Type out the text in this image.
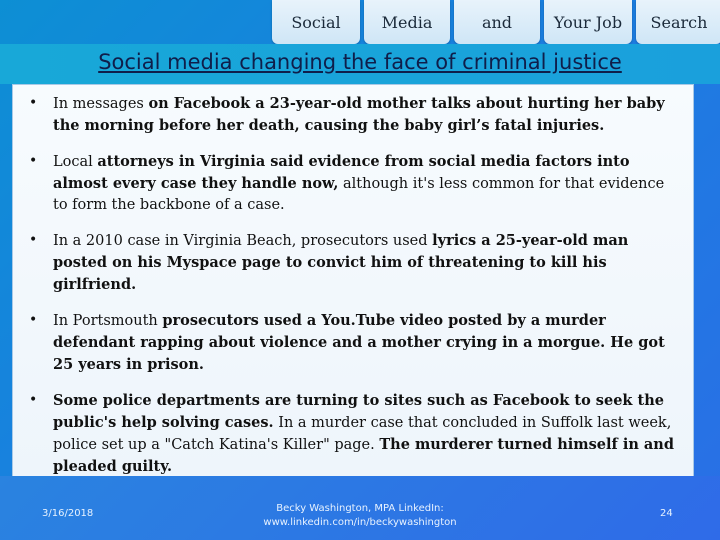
Social	Media	and	Your Job	Search
Social media changing the face of criminal justice
• In messages on Facebook a 23-year-old mother talks about hurting her baby the morning before her death, causing the baby girl’s fatal injuries.
• Local attorneys in Virginia said evidence from social media factors into almost every case they handle now, although it's less common for that evidence to form the backbone of a case.
• In a 2010 case in Virginia Beach, prosecutors used lyrics a 25-year-old man posted on his Myspace page to convict him of threatening to kill his girlfriend.
• In Portsmouth prosecutors used a You.Tube video posted by a murder defendant rapping about violence and a mother crying in a morgue. He got 25 years in prison.
• Some police departments are turning to sites such as Facebook to seek the public's help solving cases. In a murder case that concluded in Suffolk last week, police set up a "Catch Katina's Killer" page. The murderer turned himself in and pleaded guilty.
3/16/2018	Becky Washington, MPA LinkedIn:
www.linkedin.com/in/beckywashington
24
